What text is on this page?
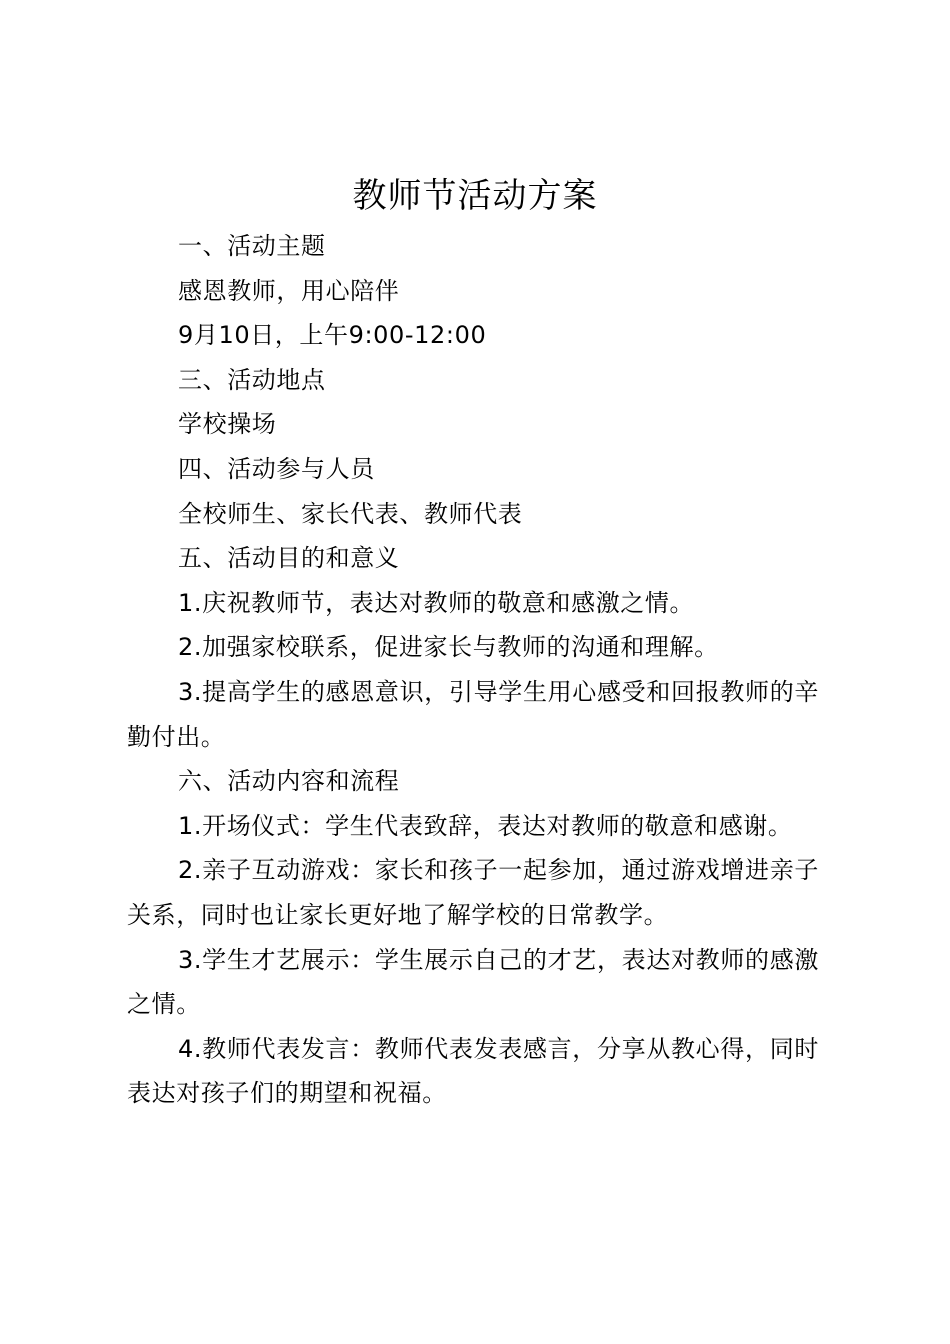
教师节活动方案

一、活动主题

感恩教师，用心陪伴

9月10日，上午9:00-12:00

三、活动地点

学校操场

四、活动参与人员

全校师生、家长代表、教师代表

五、活动目的和意义

1.庆祝教师节，表达对教师的敬意和感激之情。

2.加强家校联系，促进家长与教师的沟通和理解。

3.提高学生的感恩意识，引导学生用心感受和回报教师的辛勤付出。

六、活动内容和流程

1.开场仪式：学生代表致辞，表达对教师的敬意和感谢。

2.亲子互动游戏：家长和孩子一起参加，通过游戏增进亲子关系，同时也让家长更好地了解学校的日常教学。

3.学生才艺展示：学生展示自己的才艺，表达对教师的感激之情。

4.教师代表发言：教师代表发表感言，分享从教心得，同时表达对孩子们的期望和祝福。
